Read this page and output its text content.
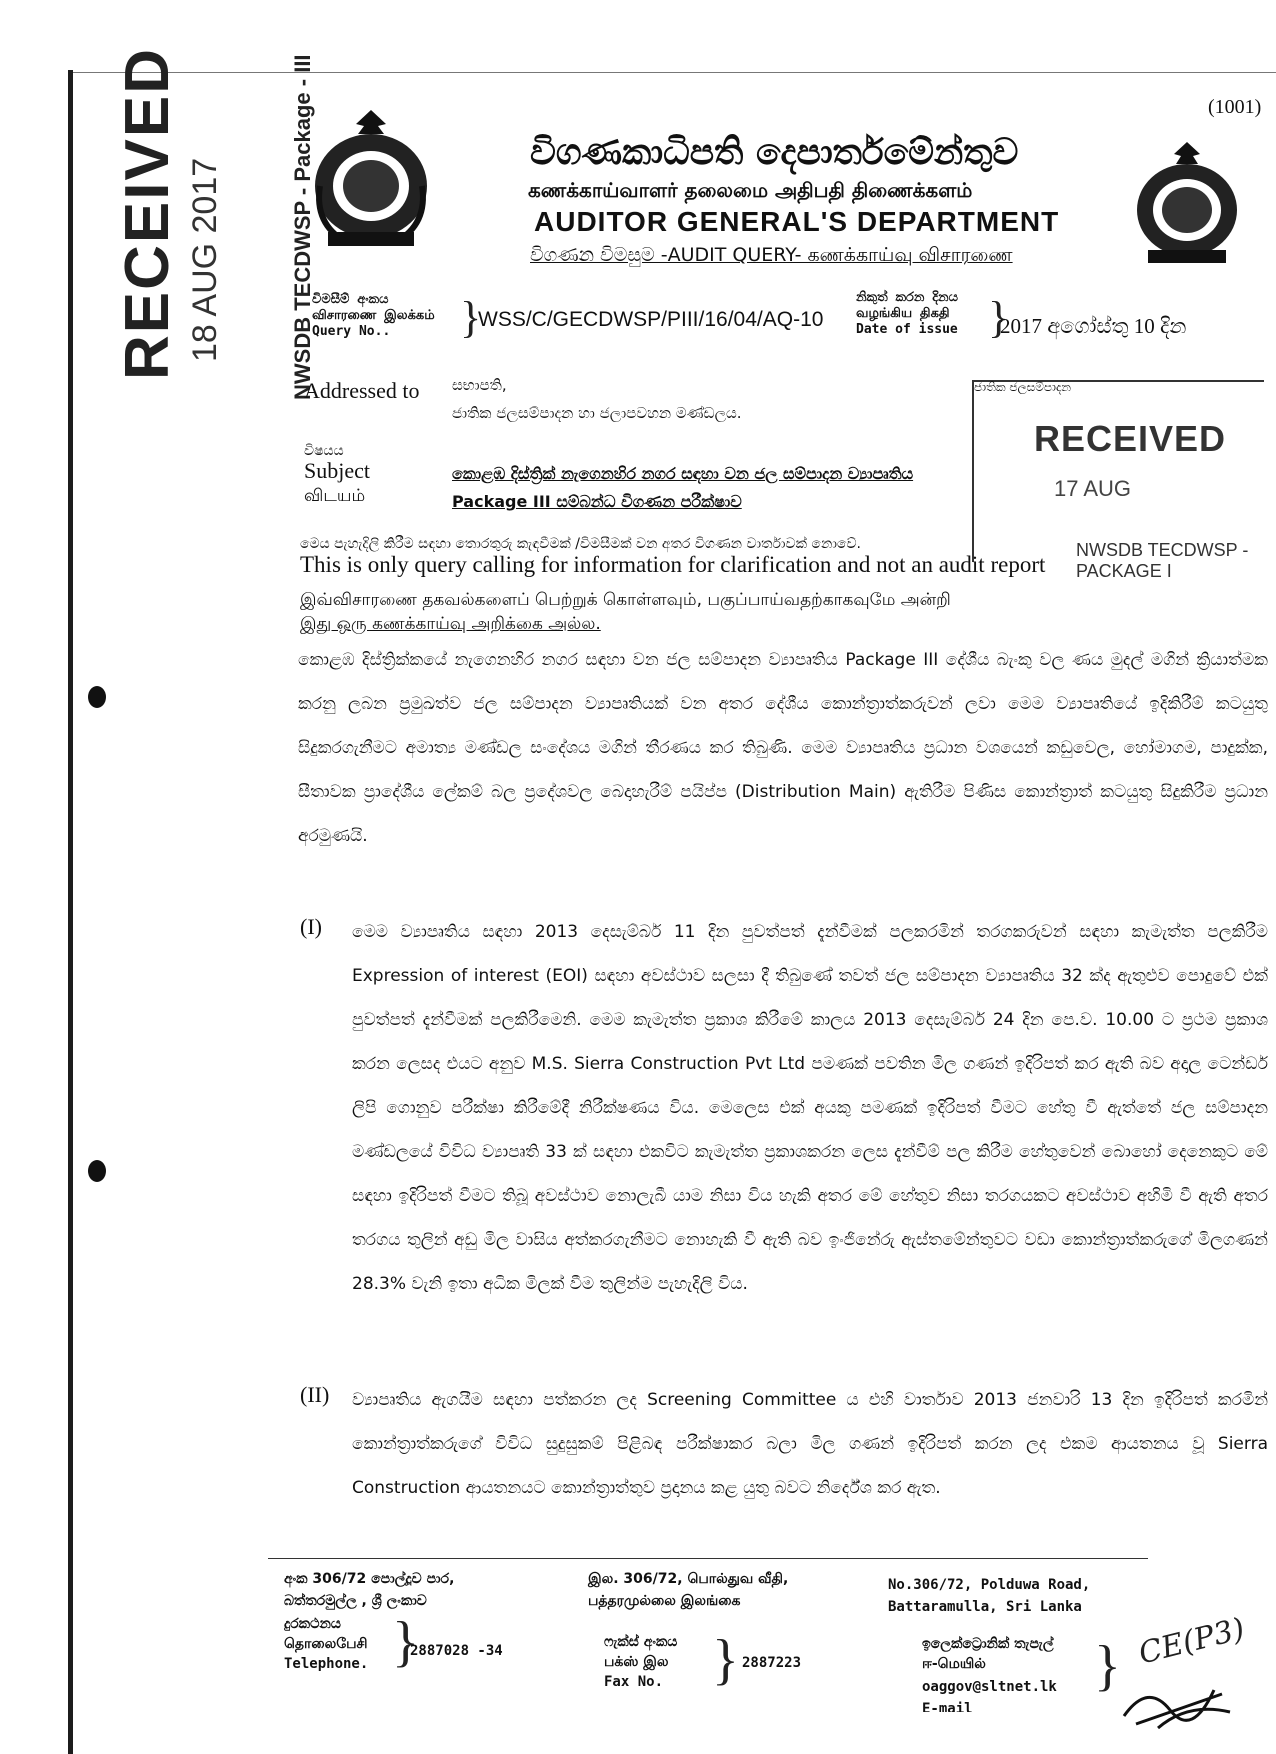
(1001)
RECEIVED 18 AUG 2017	NWSDB TECDWSP - Package - III	විගණකාධිපති දෙපාර්තමේන්තුව
கணக்காய்வாளர் தலைமை அதிபதி திணைக்களம்
AUDITOR GENERAL'S DEPARTMENT
විගණන විමසුම -AUDIT QUERY- கணக்காய்வு விசாரணை
විමසීම් අංකය
விசாரணை இலக்கம்
Query No..	}
WSS/C/GECDWSP/PIII/16/04/AQ-10
නිකුත් කරන දිනය
வழங்கிய திகதி
Date of issue }
2017 අගෝස්තු 10 දින
Addressed to සභාපති,
ජාතික ජලසම්පාදන හා ජලාපවහන මණ්ඩලය.
විෂයය
Subject
விடயம்
කොළඹ දිස්ත්‍රික් නැගෙනහිර නගර සඳහා වන ජල සම්පාදන ව්‍යාපෘතිය
Package III සම්බන්ධ විගණන පරීක්ෂාව
ජාතික ජලසම්පාදන
RECEIVED
17 AUG
NWSDB TECDWSP - PACKAGE I
මෙය පැහැදිලි කිරීම සඳහා තොරතුරු කැඳවීමක් /විමසීමක් වන අතර විගණන වාර්තාවක් නොවේ.
This is only query calling for information for clarification and not an audit report
இவ்விசாரணை தகவல்களைப் பெற்றுக் கொள்ளவும், பகுப்பாய்வதற்காகவுமே அன்றி
இது ஒரு கணக்காய்வு அறிக்கை அல்ல.
කොළඹ දිස්ත්‍රික්කයේ නැගෙනහිර නගර සඳහා වන ජල සම්පාදන ව්‍යාපෘතිය Package III දේශීය බැංකු වල ණය මුදල් මගින් ක්‍රියාත්මක කරනු ලබන ප්‍රමුඛත්ව ජල සම්පාදන ව්‍යාපෘතියක් වන අතර දේශීය කොන්ත්‍රාත්කරුවන් ලවා මෙම ව්‍යාපෘතියේ ඉදිකිරීම් කටයුතු සිදුකරගැනීමට අමාත්‍ය මණ්ඩල සංදේශය මගින් තීරණය කර තිබුණි. මෙම ව්‍යාපෘතිය ප්‍රධාන වශයෙන් කඩුවෙල, හෝමාගම, පාදුක්ක, සීතාවක ප්‍රාදේශීය ලේකම් බල ප්‍රදේශවල බෙදාහැරීම් පයිප්ප (Distribution Main) ඇතිරීම පිණිස කොන්ත්‍රාත් කටයුතු සිදුකිරීම ප්‍රධාන අරමුණයි.
(I) මෙම ව්‍යාපෘතිය සඳහා 2013 දෙසැම්බර් 11 දින පුවත්පත් දැන්වීමක් පලකරමින් තරගකරුවන් සඳහා කැමැත්ත පලකිරීම Expression of interest (EOI) සඳහා අවස්ථාව සලසා දී තිබුණේ තවත් ජල සම්පාදන ව්‍යාපෘතිය 32 ක්ද ඇතුළුව පොදුවේ එක් පුවත්පත් දැන්වීමක් පලකිරීමෙනි. මෙම කැමැත්ත ප්‍රකාශ කිරීමේ කාලය 2013 දෙසැම්බර් 24 දින පෙ.ව. 10.00 ට ප්‍රථම ප්‍රකාශ කරන ලෙසද එයට අනුව M.S. Sierra Construction Pvt Ltd පමණක් පවතින මිල ගණන් ඉදිරිපත් කර ඇති බව අදාල ටෙන්ඩර් ලිපි ගොනුව පරීක්ෂා කිරීමේදී නිරීක්ෂණය විය. මෙලෙස එක් අයකු පමණක් ඉදිරිපත් වීමට හේතු වී ඇත්තේ ජල සම්පාදන මණ්ඩලයේ විවිධ ව්‍යාපෘති 33 ක් සඳහා එකවිට කැමැත්ත ප්‍රකාශකරන ලෙස දැන්වීම් පල කිරීම හේතුවෙන් බොහෝ දෙනෙකුට මේ සඳහා ඉදිරිපත් වීමට තිබූ අවස්ථාව නොලැබී යාම නිසා විය හැකි අතර මේ හේතුව නිසා තරගයකට අවස්ථාව අහිමි වී ඇති අතර තරගය තුලින් අඩු මිල වාසිය අත්කරගැනීමට නොහැකි වී ඇති බව ඉංජිනේරු ඇස්තමේන්තුවට වඩා කොන්ත්‍රාත්කරුගේ මිලගණන් 28.3% වැනි ඉතා අධික මිලක් වීම තුලින්ම පැහැදිලි විය.
(II) ව්‍යාපෘතිය ඇගයීම සඳහා පත්කරන ලද Screening Committee ය එහි වාර්තාව 2013 ජනවාරි 13 දින ඉදිරිපත් කරමින් කොන්ත්‍රාත්කරුගේ විවිධ සුදුසුකම් පිළිබඳ පරීක්ෂාකර බලා මිල ගණන් ඉදිරිපත් කරන ලද එකම ආයතනය වූ Sierra Construction ආයතනයට කොන්ත්‍රාත්තුව ප්‍රදානය කළ යුතු බවට නිර්දේශ කර ඇත.
අංක 306/72 පොල්දූව පාර,
බත්තරමුල්ල , ශ්‍රී ලංකාව
இல. 306/72, பொல்துவ வீதி,
பத்தரமுல்லை இலங்கை
No.306/72, Polduwa Road,
Battaramulla, Sri Lanka
දුරකථනය
தொலைபேசி
Telephone. }
2887028 -34
ෆැක්ස් අංකය
பக்ஸ் இல
Fax No. } 2887223
ඉලෙක්ට්‍රොනික් තැපැල්
ஈ-மெயில்
oaggov@sltnet.lk
E-mail
} CE(P3)
